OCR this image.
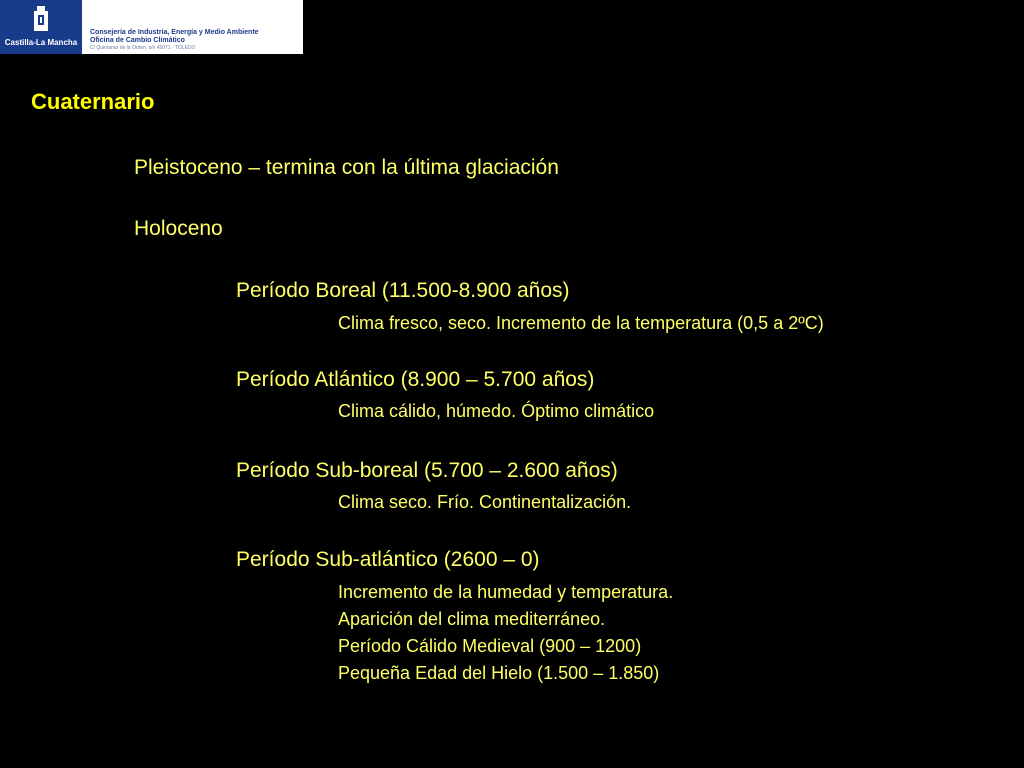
Castilla-La Mancha
Consejería de Industria, Energía y Medio Ambiente
Oficina de Cambio Climático
C/ Quintanar de la Orden, s/n 45071 · TOLEDO
Cuaternario
Pleistoceno – termina con la última glaciación
Holoceno
Período Boreal (11.500-8.900 años)
Clima fresco, seco. Incremento de la temperatura (0,5 a 2ºC)
Período Atlántico (8.900 – 5.700 años)
Clima cálido, húmedo. Óptimo climático
Período Sub-boreal (5.700 – 2.600 años)
Clima seco. Frío. Continentalización.
Período Sub-atlántico (2600 – 0)
Incremento de la humedad y temperatura.
Aparición del clima mediterráneo.
Período Cálido Medieval (900 – 1200)
Pequeña Edad del Hielo (1.500 – 1.850)
